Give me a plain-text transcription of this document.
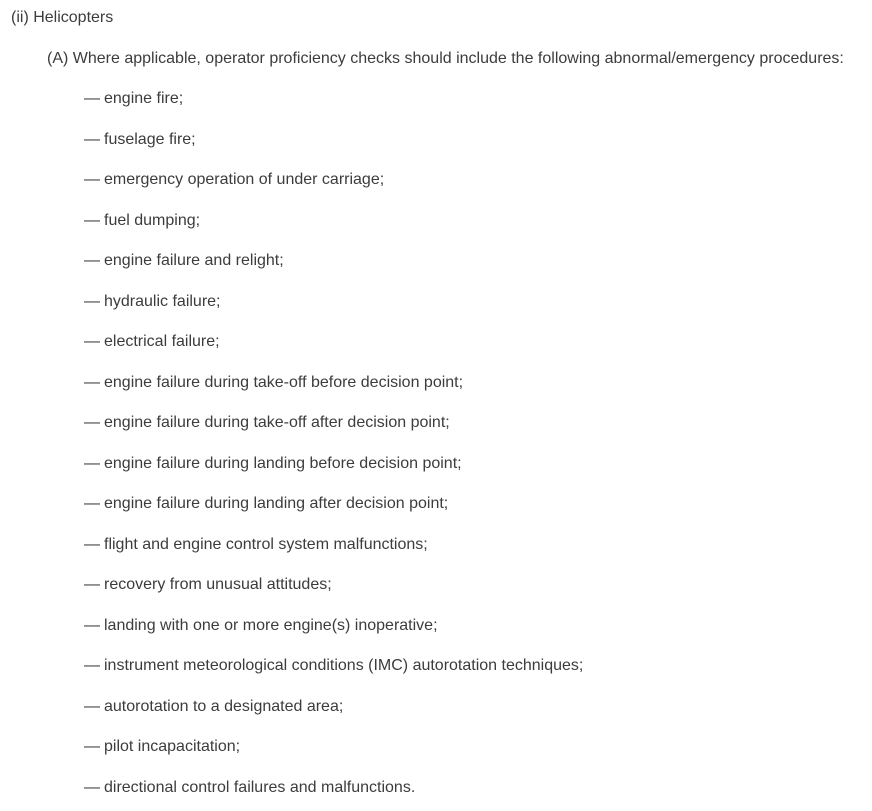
(ii) Helicopters
(A) Where applicable, operator proficiency checks should include the following abnormal/emergency procedures:
— engine fire;
— fuselage fire;
— emergency operation of under carriage;
— fuel dumping;
— engine failure and relight;
— hydraulic failure;
— electrical failure;
— engine failure during take-off before decision point;
— engine failure during take-off after decision point;
— engine failure during landing before decision point;
— engine failure during landing after decision point;
— flight and engine control system malfunctions;
— recovery from unusual attitudes;
— landing with one or more engine(s) inoperative;
— instrument meteorological conditions (IMC) autorotation techniques;
— autorotation to a designated area;
— pilot incapacitation;
— directional control failures and malfunctions.
